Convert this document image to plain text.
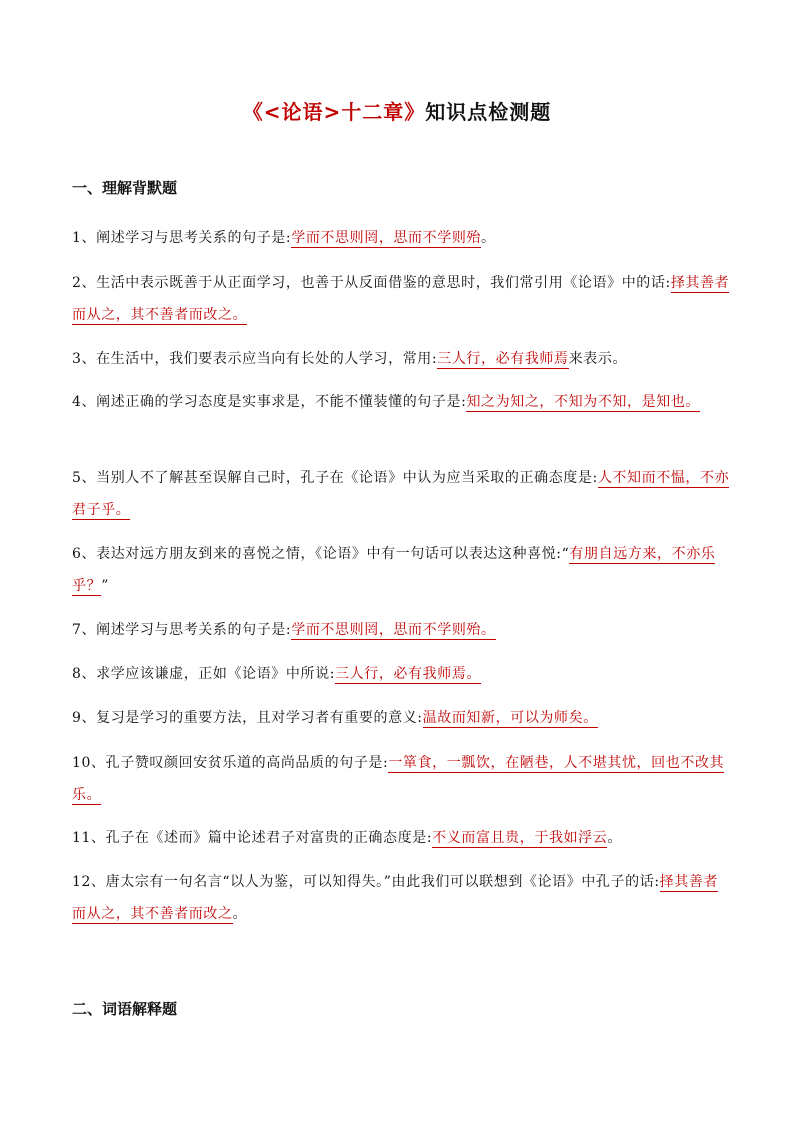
《<论语>十二章》知识点检测题
一、理解背默题
1、阐述学习与思考关系的句子是:学而不思则罔，思而不学则殆。
2、生活中表示既善于从正面学习，也善于从反面借鉴的意思时，我们常引用《论语》中的话:择其善者而从之，其不善者而改之。
3、在生活中，我们要表示应当向有长处的人学习，常用:三人行，必有我师焉来表示。
4、阐述正确的学习态度是实事求是，不能不懂装懂的句子是:知之为知之，不知为不知，是知也。
5、当别人不了解甚至误解自己时，孔子在《论语》中认为应当采取的正确态度是:人不知而不愠，不亦君子乎。
6、表达对远方朋友到来的喜悦之情，《论语》中有一句话可以表达这种喜悦:“有朋自远方来，不亦乐乎？”
7、阐述学习与思考关系的句子是:学而不思则罔，思而不学则殆。
8、求学应该谦虚，正如《论语》中所说:三人行，必有我师焉。
9、复习是学习的重要方法，且对学习者有重要的意义:温故而知新，可以为师矣。
10、孔子赞叹颜回安贫乐道的高尚品质的句子是:一箪食，一瓢饮，在陋巷，人不堪其忧，回也不改其乐。
11、孔子在《述而》篇中论述君子对富贵的正确态度是:不义而富且贵，于我如浮云。
12、唐太宗有一句名言“以人为鉴，可以知得失。”由此我们可以联想到《论语》中孔子的话:择其善者而从之，其不善者而改之。
二、词语解释题
